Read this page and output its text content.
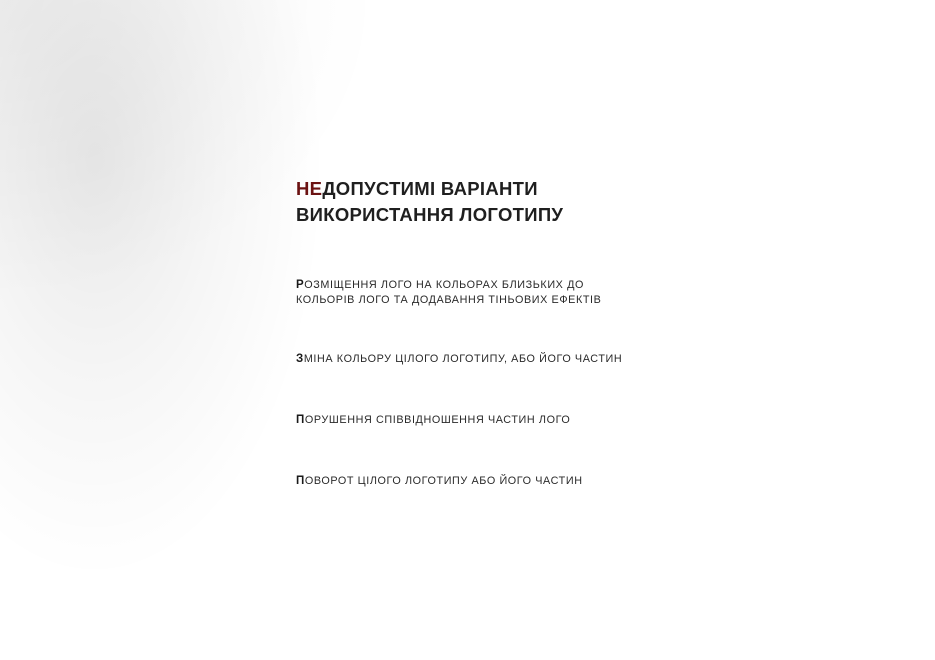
НЕДОПУСТИМІ ВАРІАНТИ
ВИКОРИСТАННЯ ЛОГОТИПУ
РОЗМІЩЕННЯ ЛОГО НА КОЛЬОРАХ БЛИЗЬКИХ ДО
КОЛЬОРІВ ЛОГО ТА ДОДАВАННЯ ТІНЬОВИХ ЕФЕКТІВ
ЗМІНА КОЛЬОРУ ЦІЛОГО ЛОГОТИПУ, АБО ЙОГО ЧАСТИН
ПОРУШЕННЯ СПІВВІДНОШЕННЯ ЧАСТИН ЛОГО
ПОВОРОТ ЦІЛОГО ЛОГОТИПУ АБО ЙОГО ЧАСТИН
